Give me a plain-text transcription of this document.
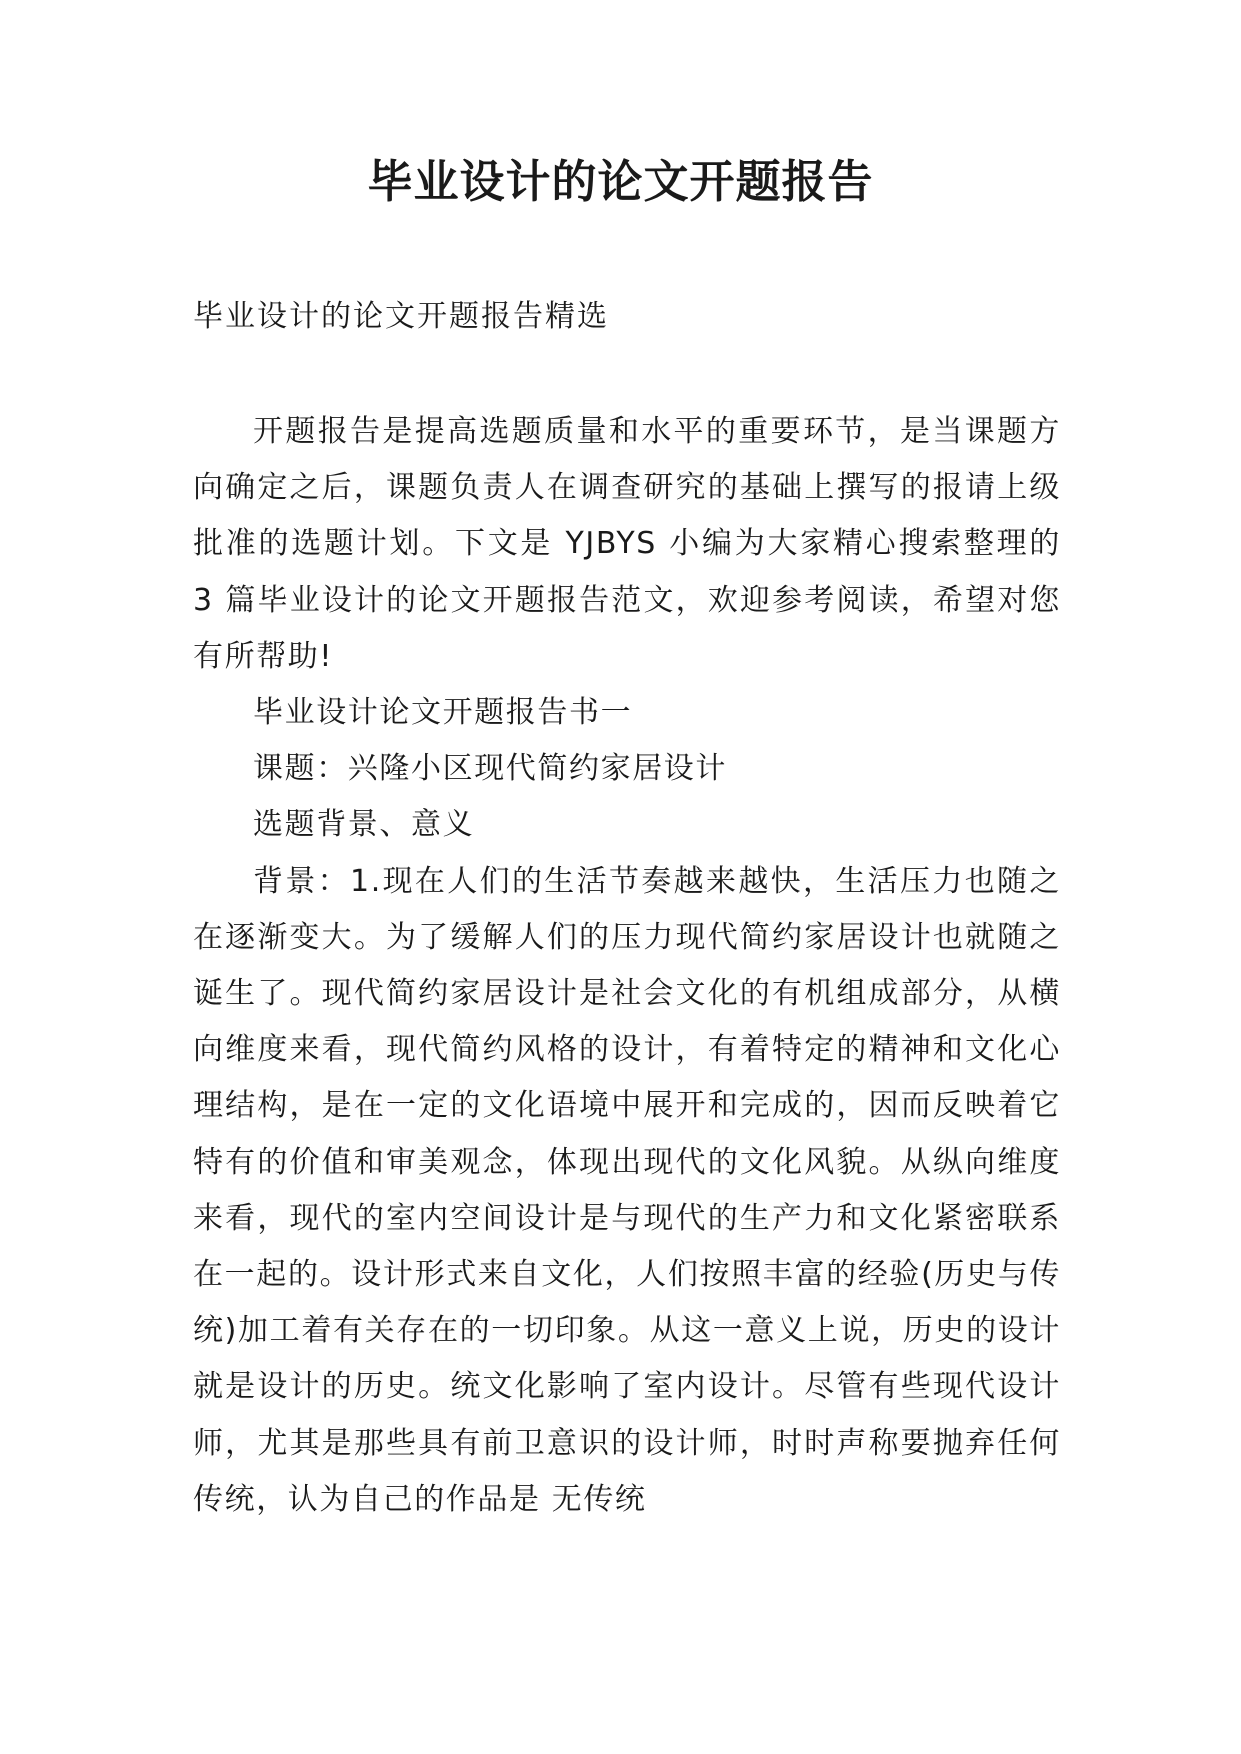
毕业设计的论文开题报告

毕业设计的论文开题报告精选

开题报告是提高选题质量和水平的重要环节，是当课题方向确定之后，课题负责人在调查研究的基础上撰写的报请上级批准的选题计划。下文是 YJBYS 小编为大家精心搜索整理的 3 篇毕业设计的论文开题报告范文，欢迎参考阅读，希望对您有所帮助!

毕业设计论文开题报告书一

课题：兴隆小区现代简约家居设计

选题背景、意义

背景：1.现在人们的生活节奏越来越快，生活压力也随之在逐渐变大。为了缓解人们的压力现代简约家居设计也就随之诞生了。现代简约家居设计是社会文化的有机组成部分，从横向维度来看，现代简约风格的设计，有着特定的精神和文化心理结构，是在一定的文化语境中展开和完成的，因而反映着它特有的价值和审美观念，体现出现代的文化风貌。从纵向维度来看，现代的室内空间设计是与现代的生产力和文化紧密联系在一起的。设计形式来自文化，人们按照丰富的经验(历史与传统)加工着有关存在的一切印象。从这一意义上说，历史的设计就是设计的历史。统文化影响了室内设计。尽管有些现代设计师，尤其是那些具有前卫意识的设计师，时时声称要抛弃任何传统，认为自己的作品是 无传统
